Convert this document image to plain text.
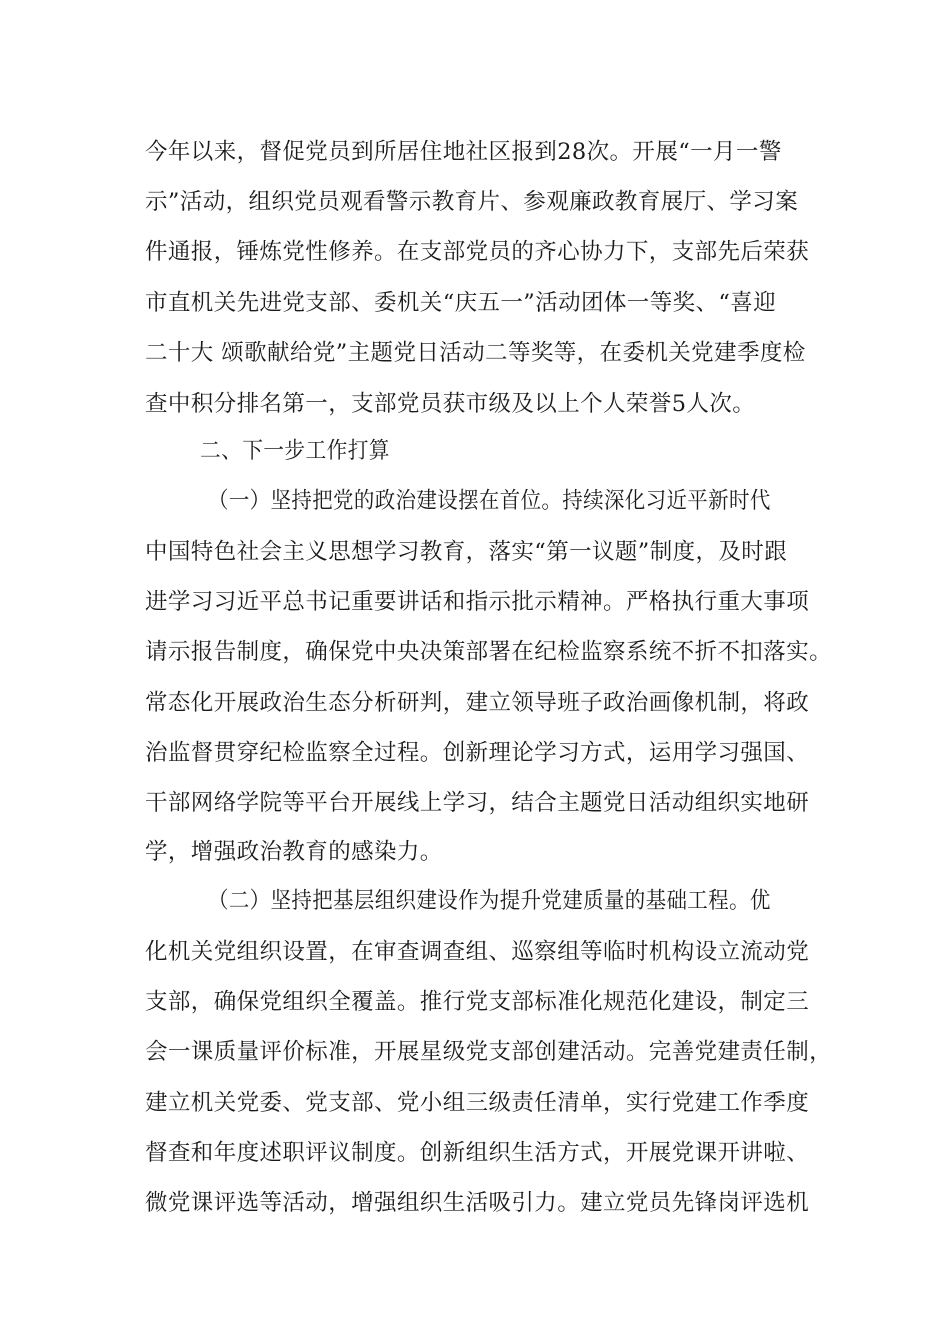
今年以来，督促党员到所居住地社区报到28次。开展“一月一警
示”活动，组织党员观看警示教育片、参观廉政教育展厅、学习案
件通报，锤炼党性修养。在支部党员的齐心协力下，支部先后荣获
市直机关先进党支部、委机关“庆五一”活动团体一等奖、“喜迎
二十大 颂歌献给党”主题党日活动二等奖等，在委机关党建季度检
查中积分排名第一，支部党员获市级及以上个人荣誉5人次。
二、下一步工作打算
（一）坚持把党的政治建设摆在首位。持续深化习近平新时代
中国特色社会主义思想学习教育，落实“第一议题”制度，及时跟
进学习习近平总书记重要讲话和指示批示精神。严格执行重大事项
请示报告制度，确保党中央决策部署在纪检监察系统不折不扣落实。
常态化开展政治生态分析研判，建立领导班子政治画像机制，将政
治监督贯穿纪检监察全过程。创新理论学习方式，运用学习强国、
干部网络学院等平台开展线上学习，结合主题党日活动组织实地研
学，增强政治教育的感染力。
（二）坚持把基层组织建设作为提升党建质量的基础工程。优
化机关党组织设置，在审查调查组、巡察组等临时机构设立流动党
支部，确保党组织全覆盖。推行党支部标准化规范化建设，制定三
会一课质量评价标准，开展星级党支部创建活动。完善党建责任制，
建立机关党委、党支部、党小组三级责任清单，实行党建工作季度
督查和年度述职评议制度。创新组织生活方式，开展党课开讲啦、
微党课评选等活动，增强组织生活吸引力。建立党员先锋岗评选机
